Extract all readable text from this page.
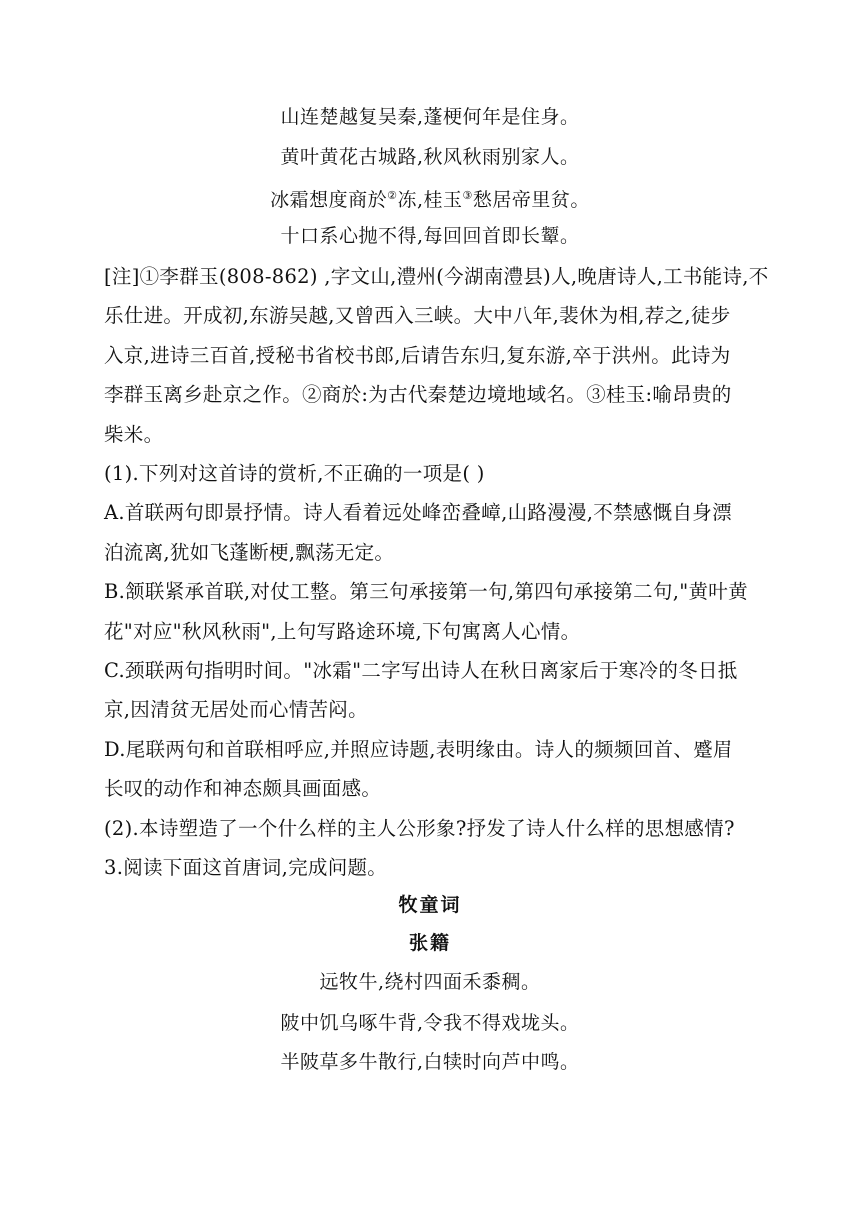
山连楚越复吴秦,蓬梗何年是住身。
黄叶黄花古城路,秋风秋雨别家人。
冰霜想度商於②冻,桂玉③愁居帝里贫。
十口系心抛不得,每回回首即长颦。
[注]①李群玉(808-862) ,字文山,澧州(今湖南澧县)人,晚唐诗人,工书能诗,不
乐仕进。开成初,东游吴越,又曾西入三峡。大中八年,裴休为相,荐之,徒步
入京,进诗三百首,授秘书省校书郎,后请告东归,复东游,卒于洪州。此诗为
李群玉离乡赴京之作。②商於:为古代秦楚边境地域名。③桂玉:喻昂贵的
柴米。
(1).下列对这首诗的赏析,不正确的一项是( )
A.首联两句即景抒情。诗人看着远处峰峦叠嶂,山路漫漫,不禁感慨自身漂
泊流离,犹如飞蓬断梗,飘荡无定。
B.颔联紧承首联,对仗工整。第三句承接第一句,第四句承接第二句,"黄叶黄
花"对应"秋风秋雨",上句写路途环境,下句寓离人心情。
C.颈联两句指明时间。"冰霜"二字写出诗人在秋日离家后于寒冷的冬日抵
京,因清贫无居处而心情苦闷。
D.尾联两句和首联相呼应,并照应诗题,表明缘由。诗人的频频回首、蹙眉
长叹的动作和神态颇具画面感。
(2).本诗塑造了一个什么样的主人公形象?抒发了诗人什么样的思想感情?
3.阅读下面这首唐词,完成问题。
牧童词
张籍
远牧牛,绕村四面禾黍稠。
陂中饥乌啄牛背,令我不得戏垅头。
半陂草多牛散行,白犊时向芦中鸣。
